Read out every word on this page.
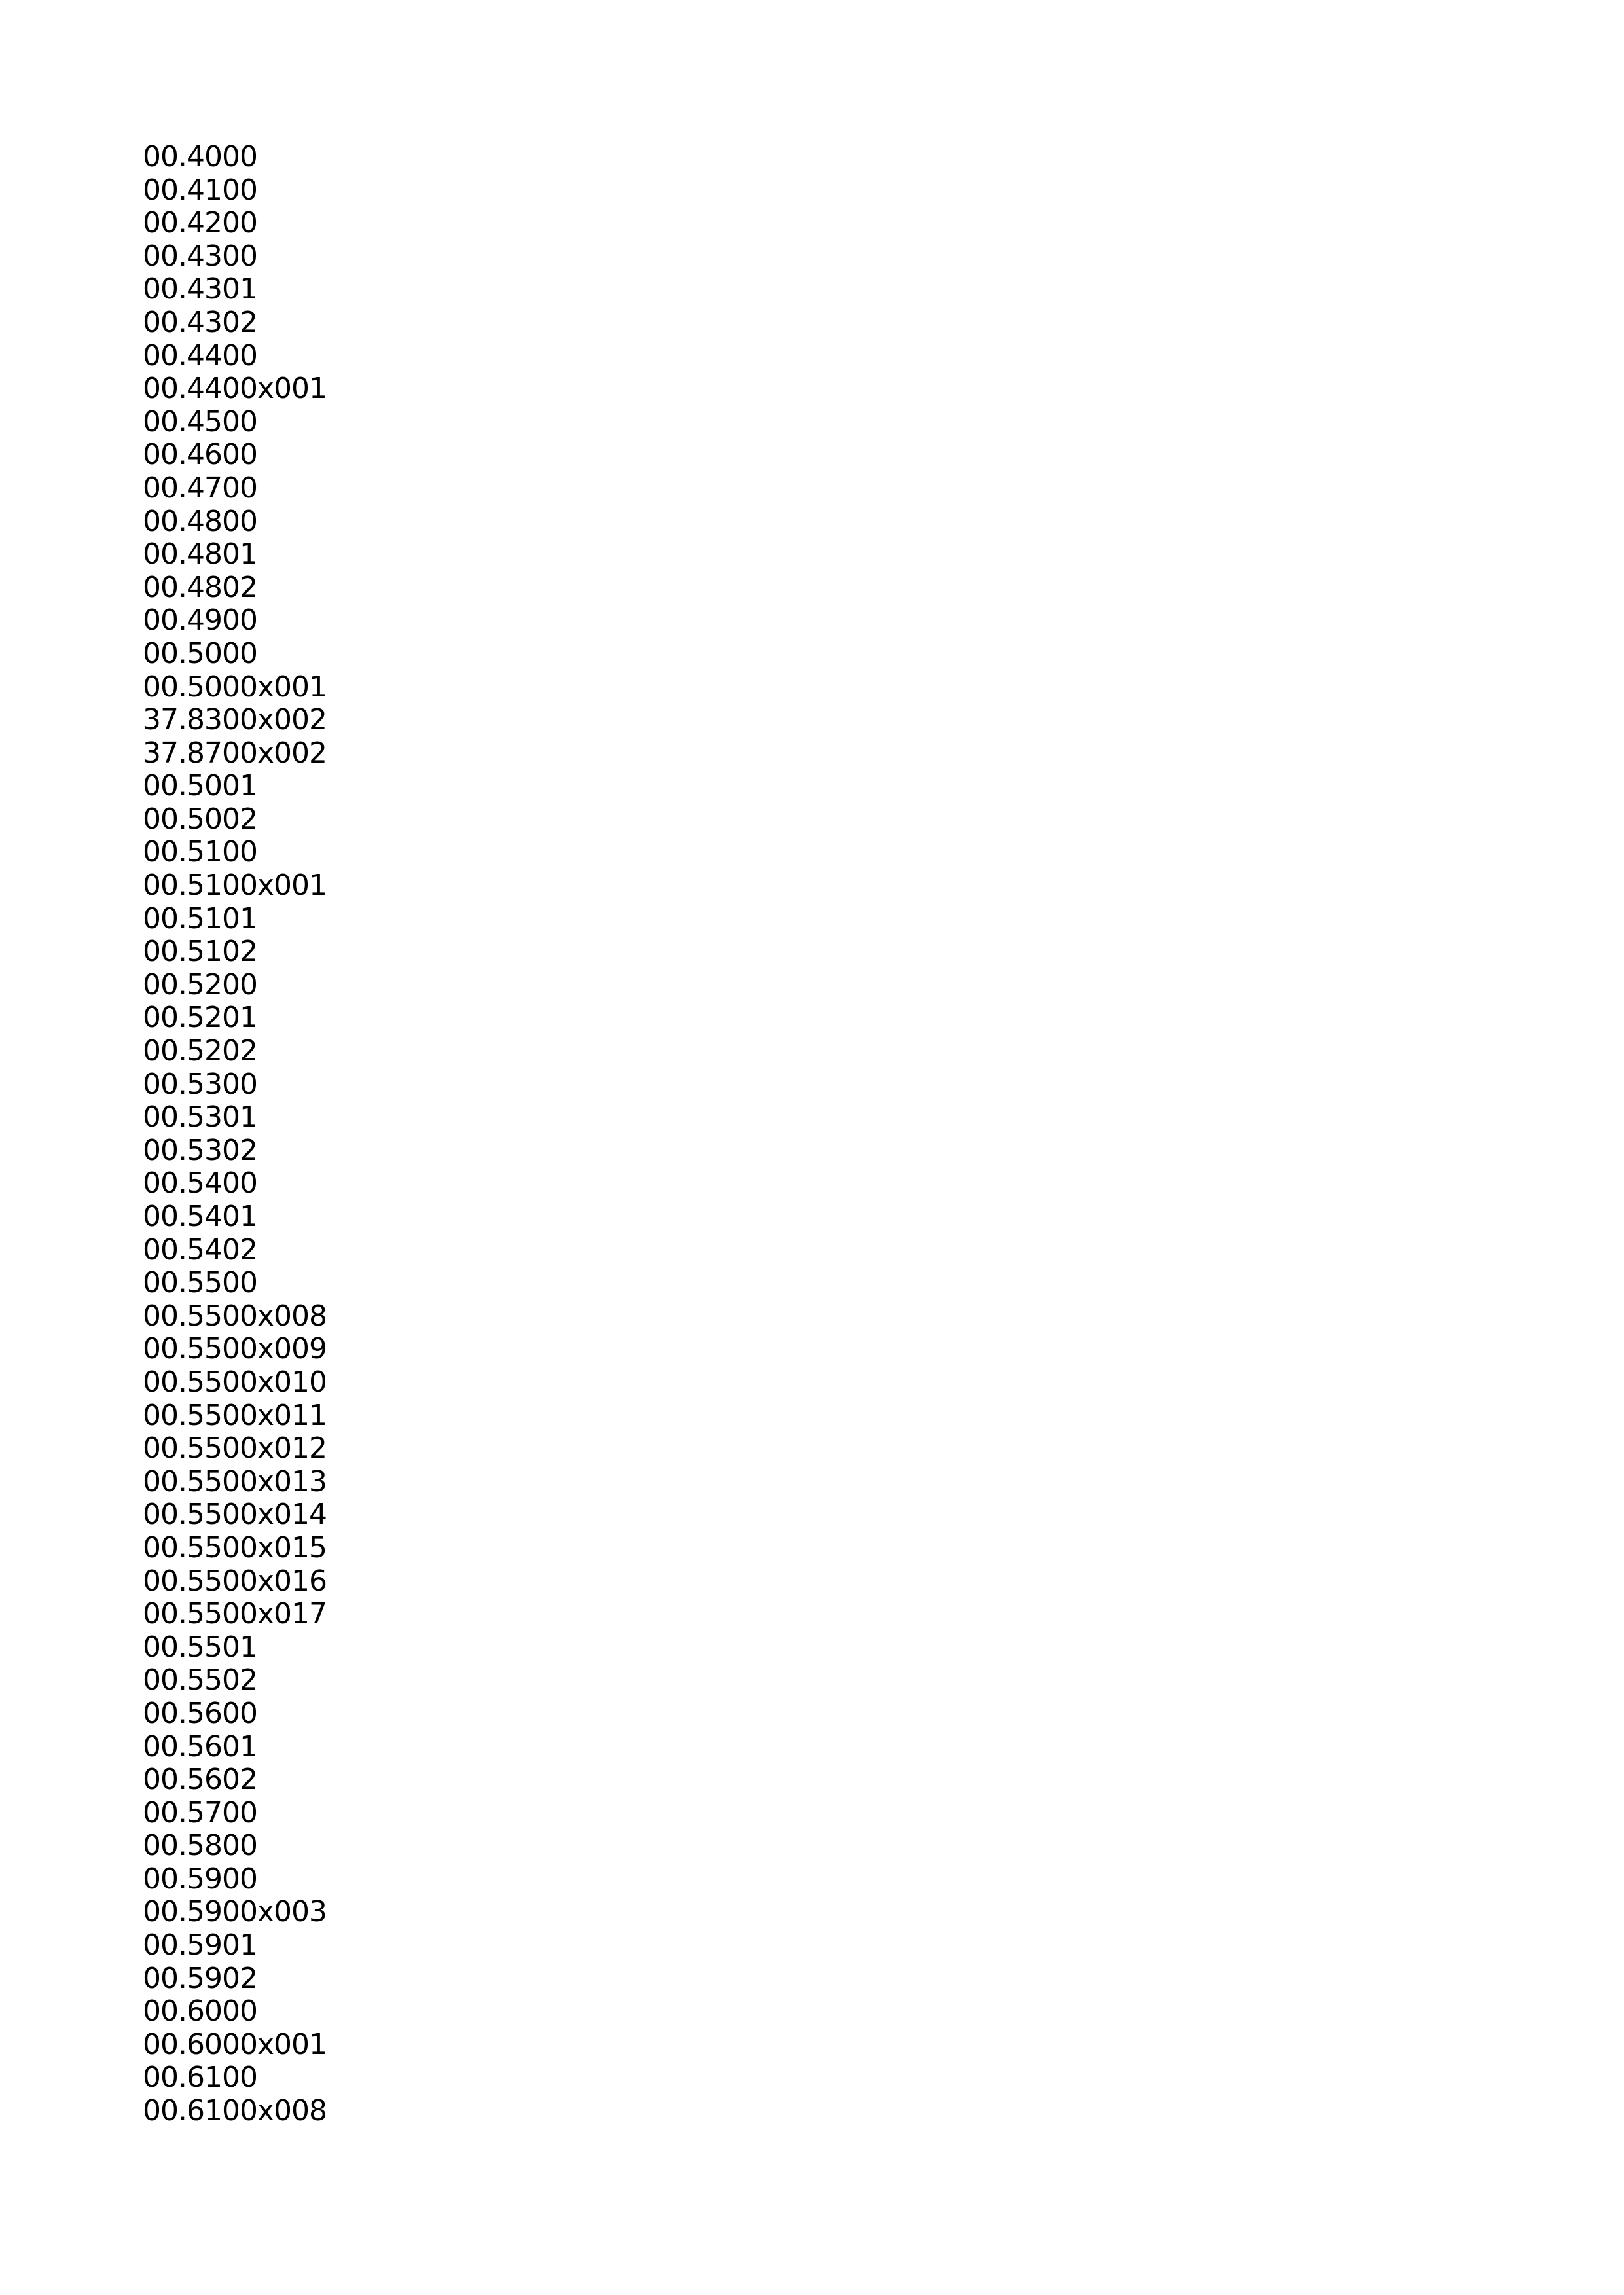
00.4000
00.4100
00.4200
00.4300
00.4301
00.4302
00.4400
00.4400x001
00.4500
00.4600
00.4700
00.4800
00.4801
00.4802
00.4900
00.5000
00.5000x001
37.8300x002
37.8700x002
00.5001
00.5002
00.5100
00.5100x001
00.5101
00.5102
00.5200
00.5201
00.5202
00.5300
00.5301
00.5302
00.5400
00.5401
00.5402
00.5500
00.5500x008
00.5500x009
00.5500x010
00.5500x011
00.5500x012
00.5500x013
00.5500x014
00.5500x015
00.5500x016
00.5500x017
00.5501
00.5502
00.5600
00.5601
00.5602
00.5700
00.5800
00.5900
00.5900x003
00.5901
00.5902
00.6000
00.6000x001
00.6100
00.6100x008
